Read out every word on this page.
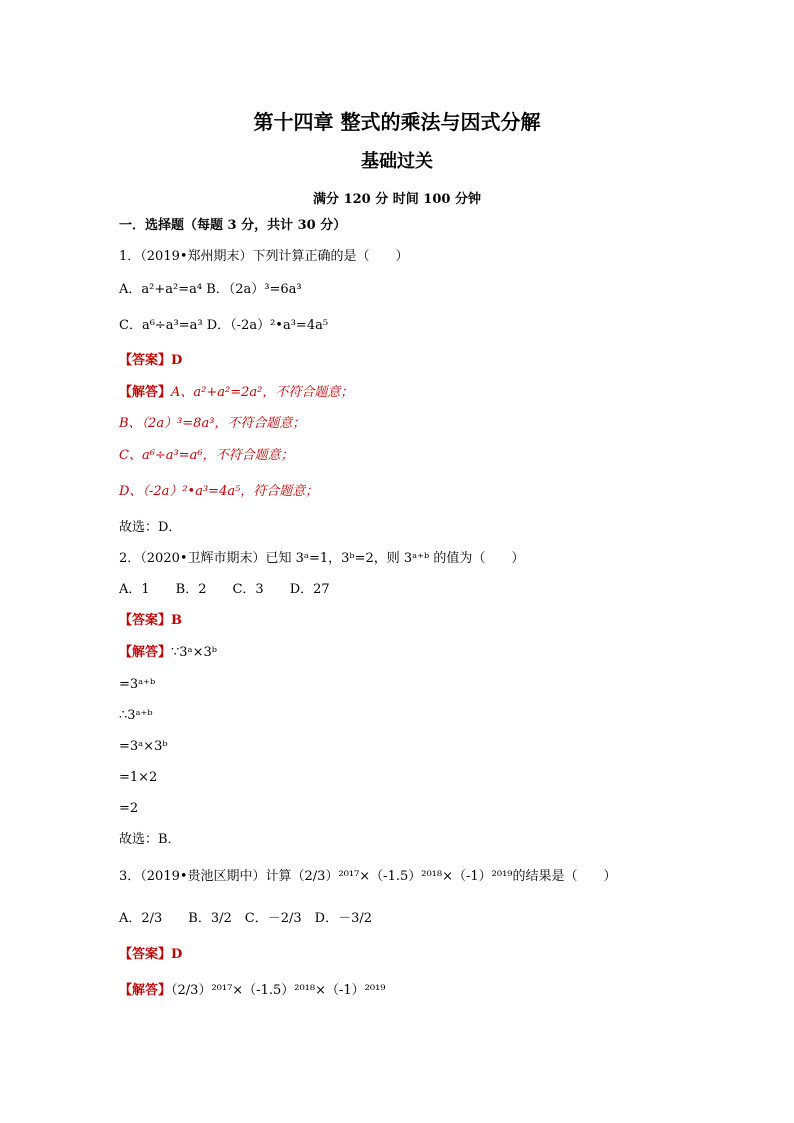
第十四章 整式的乘法与因式分解
基础过关
满分 120 分 时间 100 分钟
一．选择题（每题 3 分，共计 30 分）
1．（2019•郑州期末）下列计算正确的是（　　）
A．a²+a²=a⁴ B．（2a）³=6a³
C．a⁶÷a³=a³ D．（-2a）²•a³=4a⁵
【答案】D
【解答】A、a²+a²=2a²，不符合题意；
B、（2a）³=8a³，不符合题意；
C、a⁶÷a³=a⁶，不符合题意；
D、（-2a）²•a³=4a⁵，符合题意；
故选：D．
2．（2020•卫辉市期末）已知 3ᵃ=1，3ᵇ=2，则 3ᵃ⁺ᵇ 的值为（　　）
A．1　　B．2　　C．3　　D．27
【答案】B
【解答】∵3ᵃ×3ᵇ
=3ᵃ⁺ᵇ
∴3ᵃ⁺ᵇ
=3ᵃ×3ᵇ
=1×2
=2
故选：B．
3．（2019•贵池区期中）计算（2/3）²⁰¹⁷×（-1.5）²⁰¹⁸×（-1）²⁰¹⁹的结果是（　　）
A．2/3　　B．3/2　C．－2/3　D．－3/2
【答案】D
【解答】（2/3）²⁰¹⁷×（-1.5）²⁰¹⁸×（-1）²⁰¹⁹
